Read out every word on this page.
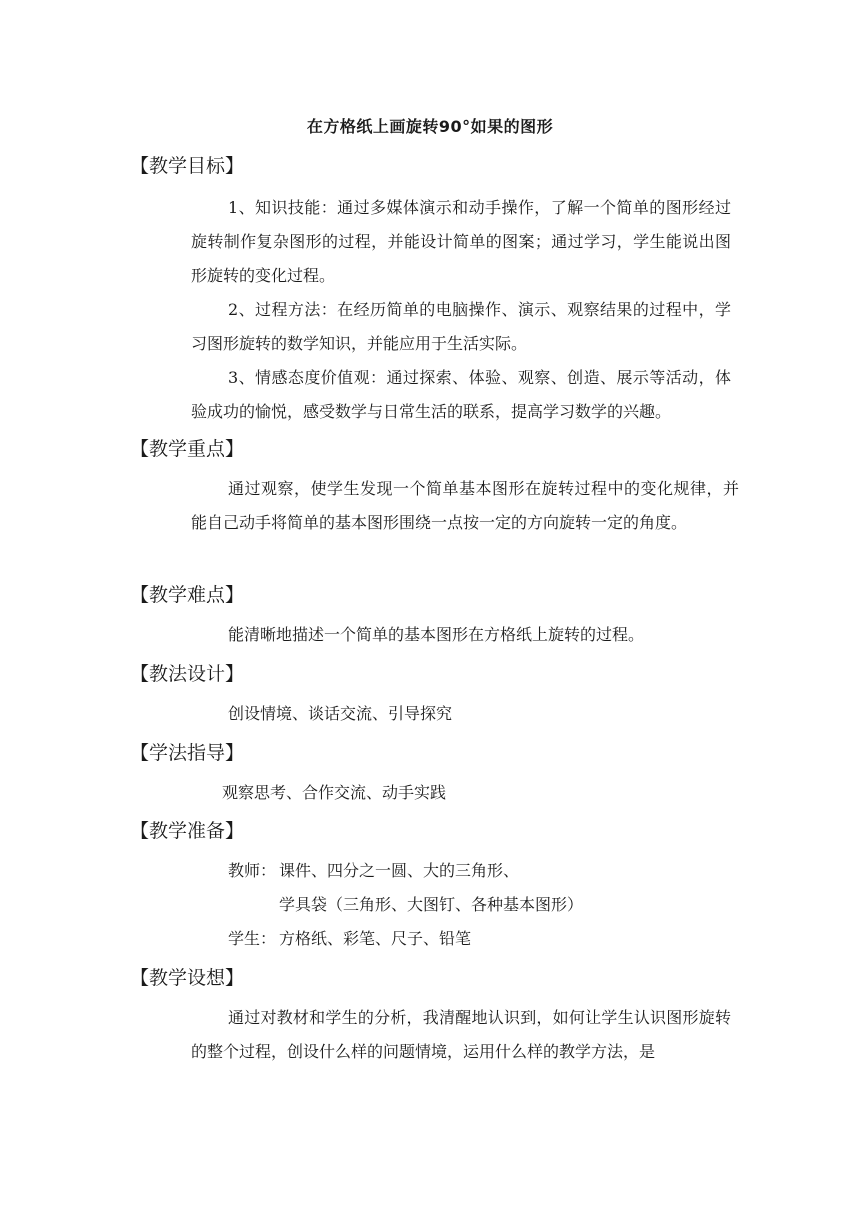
在方格纸上画旋转90°如果的图形
【教学目标】
1、知识技能：通过多媒体演示和动手操作，了解一个简单的图形经过旋转制作复杂图形的过程，并能设计简单的图案；通过学习，学生能说出图形旋转的变化过程。
2、过程方法：在经历简单的电脑操作、演示、观察结果的过程中，学习图形旋转的数学知识，并能应用于生活实际。
3、情感态度价值观：通过探索、体验、观察、创造、展示等活动，体验成功的愉悦，感受数学与日常生活的联系，提高学习数学的兴趣。
【教学重点】
通过观察，使学生发现一个简单基本图形在旋转过程中的变化规律，并能自己动手将简单的基本图形围绕一点按一定的方向旋转一定的角度。
【教学难点】
能清晰地描述一个简单的基本图形在方格纸上旋转的过程。
【教法设计】
创设情境、谈话交流、引导探究
【学法指导】
观察思考、合作交流、动手实践
【教学准备】
教师： 课件、四分之一圆、大的三角形、
学具袋（三角形、大图钉、各种基本图形）
学生： 方格纸、彩笔、尺子、铅笔
【教学设想】
通过对教材和学生的分析，我清醒地认识到，如何让学生认识图形旋转的整个过程，创设什么样的问题情境，运用什么样的教学方法，是
